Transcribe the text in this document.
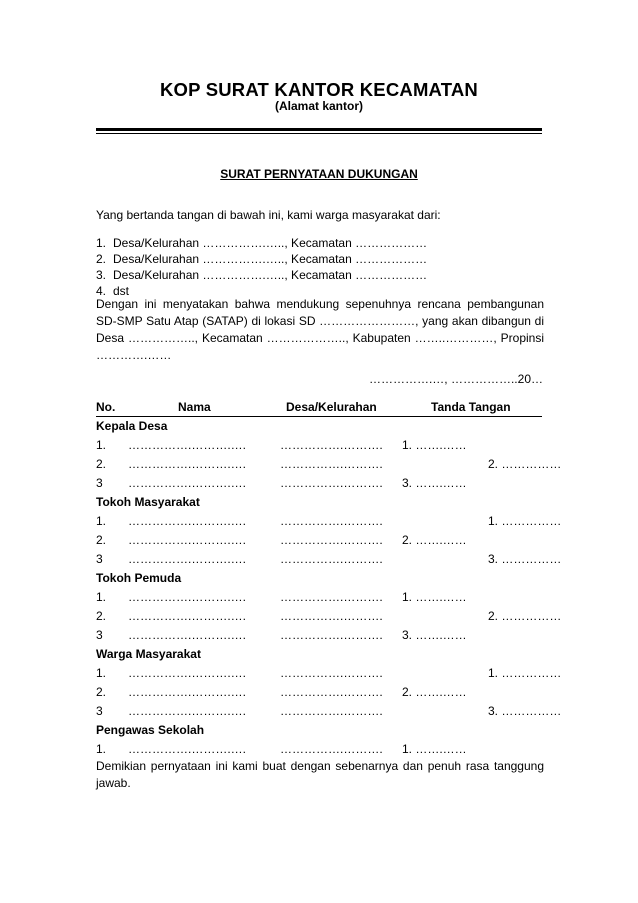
KOP SURAT KANTOR KECAMATAN
(Alamat kantor)
SURAT PERNYATAAN DUKUNGAN
Yang bertanda tangan di bawah ini, kami warga masyarakat dari:
1. Desa/Kelurahan …………….….., Kecamatan ………………
2. Desa/Kelurahan …………….….., Kecamatan ………………
3. Desa/Kelurahan …………….….., Kecamatan ………………
4. dst
Dengan ini menyatakan bahwa mendukung sepenuhnya rencana pembangunan SD-SMP Satu Atap (SATAP) di lokasi SD ……………………, yang akan dibangun di Desa …………….., Kecamatan ……………….., Kabupaten ……..…………, Propinsi ………….……
…………….…, ……………..20…
No.	Nama	Desa/Kelurahan	Tanda Tangan
Kepala Desa
1. …………….……….….	…………….………. 1. …….……
2. …………….……….….	…………….……….	2. ……………
3 …………….……….….	…………….………. 3. …….……
Tokoh Masyarakat
1. …………….……….….	…………….……….	1. ……………
2. …………….……….….	…………….………. 2. …….……
3 …………….……….….	…………….……….	3. ……………
Tokoh Pemuda
1. …………….……….….	…………….………. 1. …….……
2. …………….……….….	…………….……….	2. ……………
3 …………….……….….	…………….………. 3. …….……
Warga Masyarakat
1. …………….……….….	…………….……….	1. ……………
2. …………….……….….	…………….………. 2. …….……
3 …………….……….….	…………….……….	3. ……………
Pengawas Sekolah
1. …………….……….….	…………….………. 1. …….……
Demikian pernyataan ini kami buat dengan sebenarnya dan penuh rasa tanggung jawab.
